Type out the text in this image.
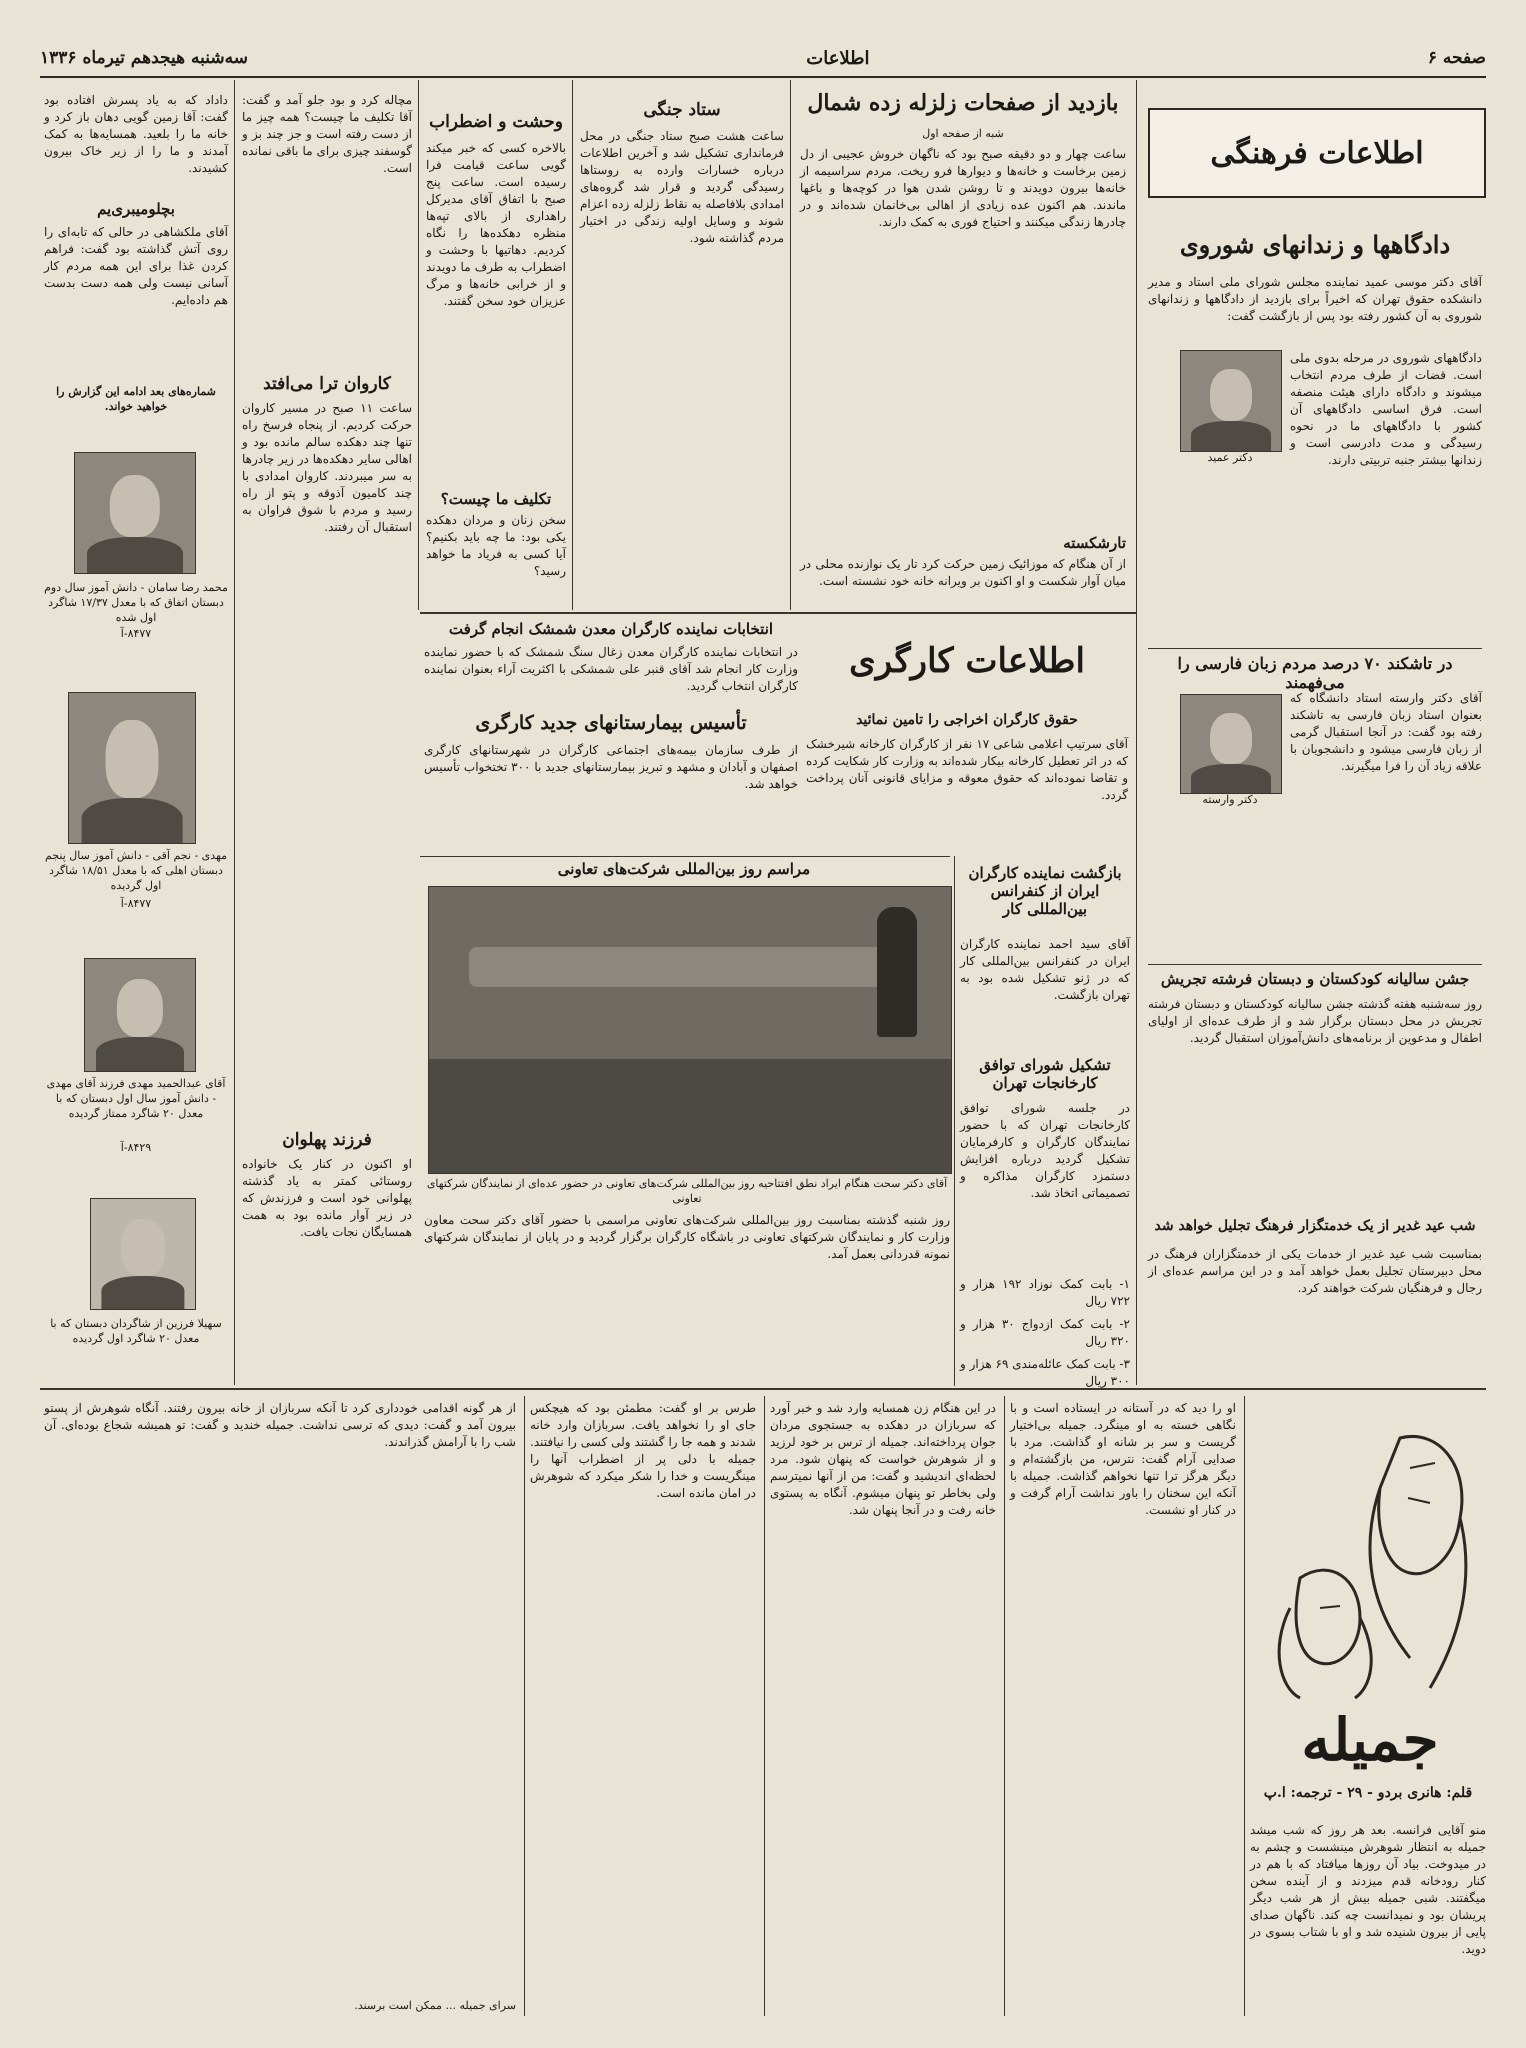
صفحه ۶
اطلاعات
سه‌شنبه هیجدهم تیرماه ۱۳۳۶
اطلاعات فرهنگی
دادگاهها و زندانهای شوروی

آقای دکتر موسی عمید نماینده مجلس شورای ملی استاد و مدیر دانشکده حقوق تهران که اخیراً برای بازدید از دادگاهها و زندانهای شوروی به آن کشور رفته بود پس از بازگشت گفت:

دکتر عمید

دادگاههای شوروی در مرحله بدوی ملی است. قضات از طرف مردم انتخاب میشوند و دادگاه دارای هیئت منصفه است. فرق اساسی دادگاههای آن کشور با دادگاههای ما در نحوه رسیدگی و مدت دادرسی است و زندانها بیشتر جنبه تربیتی دارند.

در تاشکند ۷۰ درصد مردم زبان فارسی را می‌فهمند
دکتر وارسته

آقای دکتر وارسته استاد دانشگاه که بعنوان استاد زبان فارسی به تاشکند رفته بود گفت: در آنجا استقبال گرمی از زبان فارسی میشود و دانشجویان با علاقه زیاد آن را فرا میگیرند.

جشن سالیانه کودکستان و دبستان فرشته تجریش

روز سه‌شنبه هفته گذشته جشن سالیانه کودکستان و دبستان فرشته تجریش در محل دبستان برگزار شد و از طرف عده‌ای از اولیای اطفال و مدعوین از برنامه‌های دانش‌آموزان استقبال گردید.

شب عید غدیر از یک خدمتگزار فرهنگ تجلیل خواهد شد

بمناسبت شب عید غدیر از خدمات یکی از خدمتگزاران فرهنگ در محل دبیرستان تجلیل بعمل خواهد آمد و در این مراسم عده‌ای از رجال و فرهنگیان شرکت خواهند کرد.

بازدید از صفحات زلزله زده شمال
شبه از صفحه اول

ساعت چهار و دو دقیقه صبح بود که ناگهان خروش عجیبی از دل زمین برخاست و خانه‌ها و دیوارها فرو ریخت. مردم سراسیمه از خانه‌ها بیرون دویدند و تا روشن شدن هوا در کوچه‌ها و باغها ماندند. هم اکنون عده زیادی از اهالی بی‌خانمان شده‌اند و در چادرها زندگی میکنند و احتیاج فوری به کمک دارند.

تارشکسته

از آن هنگام که موزائیک زمین حرکت کرد تار یک نوازنده محلی در میان آوار شکست و او اکنون بر ویرانه خانه خود نشسته است.

ستاد جنگی

ساعت هشت صبح ستاد جنگی در محل فرمانداری تشکیل شد و آخرین اطلاعات درباره خسارات وارده به روستاها رسیدگی گردید و قرار شد گروه‌های امدادی بلافاصله به نقاط زلزله زده اعزام شوند و وسایل اولیه زندگی در اختیار مردم گذاشته شود.

وحشت و اضطراب

بالاخره کسی که خبر میکند گویی ساعت قیامت فرا رسیده است. ساعت پنج صبح با اتفاق آقای مدیرکل راهداری از بالای تپه‌ها منظره دهکده‌ها را نگاه کردیم. دهاتیها با وحشت و اضطراب به طرف ما دویدند و از خرابی خانه‌ها و مرگ عزیزان خود سخن گفتند.

تکلیف ما چیست؟

سخن زنان و مردان دهکده یکی بود: ما چه باید بکنیم؟ آیا کسی به فریاد ما خواهد رسید؟

مچاله کرد و بود جلو آمد و گفت: آقا تکلیف ما چیست؟ همه چیز ما از دست رفته است و جز چند بز و گوسفند چیزی برای ما باقی نمانده است.

کاروان ترا می‌افتد

ساعت ۱۱ صبح در مسیر کاروان حرکت کردیم. از پنجاه فرسخ راه تنها چند دهکده سالم مانده بود و اهالی سایر دهکده‌ها در زیر چادرها به سر میبردند. کاروان امدادی با چند کامیون آذوقه و پتو از راه رسید و مردم با شوق فراوان به استقبال آن رفتند.

فرزند پهلوان

او اکنون در کنار یک خانواده روستائی کمتر به یاد گذشته پهلوانی خود است و فرزندش که در زیر آوار مانده بود به همت همسایگان نجات یافت.

داداد که به یاد پسرش افتاده بود گفت: آقا زمین گویی دهان باز کرد و خانه ما را بلعید. همسایه‌ها به کمک آمدند و ما را از زیر خاک بیرون کشیدند.

بچلومیبری‌یم

آقای ملکشاهی در حالی که تابه‌ای را روی آتش گذاشته بود گفت: فراهم کردن غذا برای این همه مردم کار آسانی نیست ولی همه دست بدست هم داده‌ایم.

شماره‌های بعد ادامه این گزارش را خواهید خواند.
محمد رضا سامان - دانش آموز سال دوم دبستان اتفاق که با معدل ۱۷/۳۷ شاگرد اول شده
۸۴۷۷-آ
مهدی - نجم آقی - دانش آموز سال پنجم دبستان اهلی که با معدل ۱۸/۵۱ شاگرد اول گردیده
۸۴۷۷-آ
آقای عبدالحمید مهدی فرزند آقای مهدی - دانش آموز سال اول دبستان که با معدل ۲۰ شاگرد ممتاز گردیده
۸۴۲۹-آ
سهیلا فرزین از شاگردان دبستان که با معدل ۲۰ شاگرد اول گردیده
اطلاعات کارگری
انتخابات نماینده کارگران معدن شمشک انجام گرفت

در انتخابات نماینده کارگران معدن زغال سنگ شمشک که با حضور نماینده وزارت کار انجام شد آقای قنبر علی شمشکی با اکثریت آراء بعنوان نماینده کارگران انتخاب گردید.

تأسیس بیمارستانهای جدید کارگری

از طرف سازمان بیمه‌های اجتماعی کارگران در شهرستانهای کارگری اصفهان و آبادان و مشهد و تبریز بیمارستانهای جدید با ۳۰۰ تختخواب تأسیس خواهد شد.

حقوق کارگران اخراجی را تامین نمائید

آقای سرتیپ اعلامی شاعی ۱۷ نفر از کارگران کارخانه شیرخشک که در اثر تعطیل کارخانه بیکار شده‌اند به وزارت کار شکایت کرده و تقاضا نموده‌اند که حقوق معوقه و مزایای قانونی آنان پرداخت گردد.

مراسم روز بین‌المللی شرکت‌های تعاونی
آقای دکتر سحت هنگام ایراد نطق افتتاحیه روز بین‌المللی شرکت‌های تعاونی در حضور عده‌ای از نمایندگان شرکتهای تعاونی

روز شنبه گذشته بمناسبت روز بین‌المللی شرکت‌های تعاونی مراسمی با حضور آقای دکتر سحت معاون وزارت کار و نمایندگان شرکتهای تعاونی در باشگاه کارگران برگزار گردید و در پایان از نمایندگان شرکتهای نمونه قدردانی بعمل آمد.

بازگشت نماینده کارگران ایران از کنفرانس بین‌المللی کار

آقای سید احمد نماینده کارگران ایران در کنفرانس بین‌المللی کار که در ژنو تشکیل شده بود به تهران بازگشت.

تشکیل شورای توافق کارخانجات تهران

در جلسه شورای توافق کارخانجات تهران که با حضور نمایندگان کارگران و کارفرمایان تشکیل گردید درباره افزایش دستمزد کارگران مذاکره و تصمیماتی اتخاذ شد.

۱- بابت کمک نوزاد ۱۹۲ هزار و ۷۲۲ ریال

۲- بابت کمک ازدواج ۳۰ هزار و ۳۲۰ ریال

۳- بابت کمک عائله‌مندی ۶۹ هزار و ۳۰۰ ریال

جمیله
قلم: هانری بردو - ۲۹ - ترجمه: ا.پ

منو آقایی فرانسه. بعد هر روز که شب میشد جمیله به انتظار شوهرش مینشست و چشم به در میدوخت. بیاد آن روزها میافتاد که با هم در کنار رودخانه قدم میزدند و از آینده سخن میگفتند. شبی جمیله بیش از هر شب دیگر پریشان بود و نمیدانست چه کند. ناگهان صدای پایی از بیرون شنیده شد و او با شتاب بسوی در دوید.

او را دید که در آستانه در ایستاده است و با نگاهی خسته به او مینگرد. جمیله بی‌اختیار گریست و سر بر شانه او گذاشت. مرد با صدایی آرام گفت: نترس، من بازگشته‌ام و دیگر هرگز ترا تنها نخواهم گذاشت. جمیله با آنکه این سخنان را باور نداشت آرام گرفت و در کنار او نشست.

در این هنگام زن همسایه وارد شد و خبر آورد که سربازان در دهکده به جستجوی مردان جوان پرداخته‌اند. جمیله از ترس بر خود لرزید و از شوهرش خواست که پنهان شود. مرد لحظه‌ای اندیشید و گفت: من از آنها نمیترسم ولی بخاطر تو پنهان میشوم. آنگاه به پستوی خانه رفت و در آنجا پنهان شد.

طرس بر او گفت: مطمئن بود که هیچکس جای او را نخواهد یافت. سربازان وارد خانه شدند و همه جا را گشتند ولی کسی را نیافتند. جمیله با دلی پر از اضطراب آنها را مینگریست و خدا را شکر میکرد که شوهرش در امان مانده است.

از هر گونه اقدامی خودداری کرد تا آنکه سربازان از خانه بیرون رفتند. آنگاه شوهرش از پستو بیرون آمد و گفت: دیدی که ترسی نداشت. جمیله خندید و گفت: تو همیشه شجاع بوده‌ای. آن شب را با آرامش گذراندند.

سرای جمیله ... ممکن است برسند.
